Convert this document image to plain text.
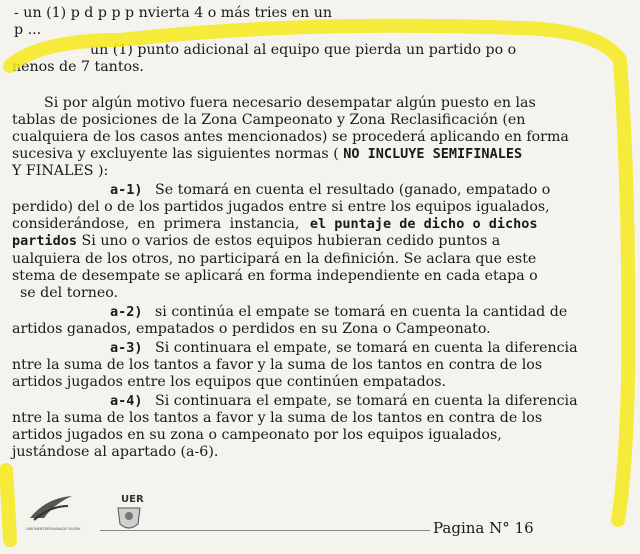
- un (1) p d p p p nvierta 4 o más tries en un
p ...
un (1) punto adicional al equipo que pierda un partido po o
nenos de 7 tantos.
Si por algún motivo fuera necesario desempatar algún puesto en las
tablas de posiciones de la Zona Campeonato y Zona Reclasificación (en
cualquiera de los casos antes mencionados) se procederá aplicando en forma
Y FINALES ):
perdido) del o de los partidos jugados entre si entre los equipos igualados,
ualquiera de los otros, no participará en la definición. Se aclara que este
stema de desempate se aplicará en forma independiente en cada etapa o
se del torneo.
artidos ganados, empatados o perdidos en su Zona o Campeonato.
ntre la suma de los tantos a favor y la suma de los tantos en contra de los
artidos jugados entre los equipos que continúen empatados.
ntre la suma de los tantos a favor y la suma de los tantos en contra de los
artidos jugados en su zona o campeonato por los equipos igualados,
justándose al apartado (a-6).
sucesiva y excluyente las siguientes normas ( NO INCLUYE SEMIFINALES
a-1) Se tomará en cuenta el resultado (ganado, empatado o
considerándose, en primera instancia, el puntaje de dicho o dichos
partidos Si uno o varios de estos equipos hubieran cedido puntos a
a-2) si continúa el empate se tomará en cuenta la cantidad de
a-3) Si continuara el empate, se tomará en cuenta la diferencia
a-4) Si continuara el empate, se tomará en cuenta la diferencia
UNIONENTRERRIANADE RUGBY
UER
Pagina N° 16
